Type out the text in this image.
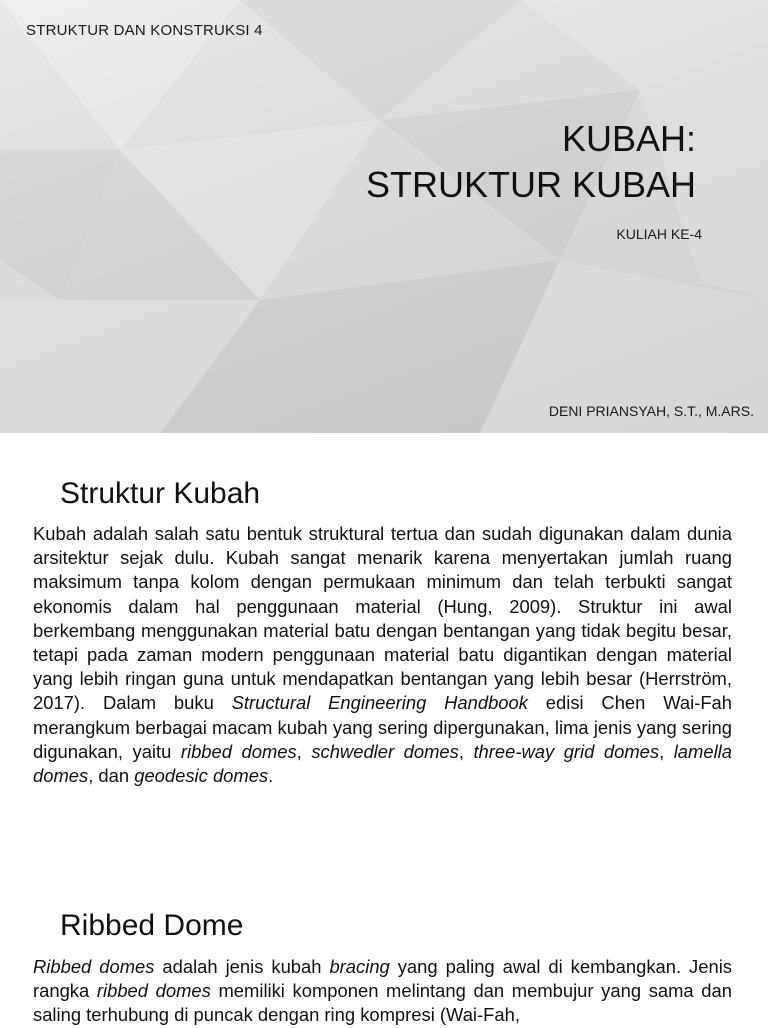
STRUKTUR DAN KONSTRUKSI 4
KUBAH:
STRUKTUR KUBAH
KULIAH KE-4
DENI PRIANSYAH, S.T., M.ARS.
Struktur Kubah

Kubah adalah salah satu bentuk struktural tertua dan sudah digunakan dalam dunia arsitektur sejak dulu. Kubah sangat menarik karena menyertakan jumlah ruang maksimum tanpa kolom dengan permukaan minimum dan telah terbukti sangat ekonomis dalam hal penggunaan material (Hung, 2009). Struktur ini awal berkembang menggunakan material batu dengan bentangan yang tidak begitu besar, tetapi pada zaman modern penggunaan material batu digantikan dengan material yang lebih ringan guna untuk mendapatkan bentangan yang lebih besar (Herrström, 2017). Dalam buku Structural Engineering Handbook edisi Chen Wai-Fah merangkum berbagai macam kubah yang sering dipergunakan, lima jenis yang sering digunakan, yaitu ribbed domes, schwedler domes, three-way grid domes, lamella domes, dan geodesic domes.

Ribbed Dome

Ribbed domes adalah jenis kubah bracing yang paling awal di kembangkan. Jenis rangka ribbed domes memiliki komponen melintang dan membujur yang sama dan saling terhubung di puncak dengan ring kompresi (Wai-Fah,
